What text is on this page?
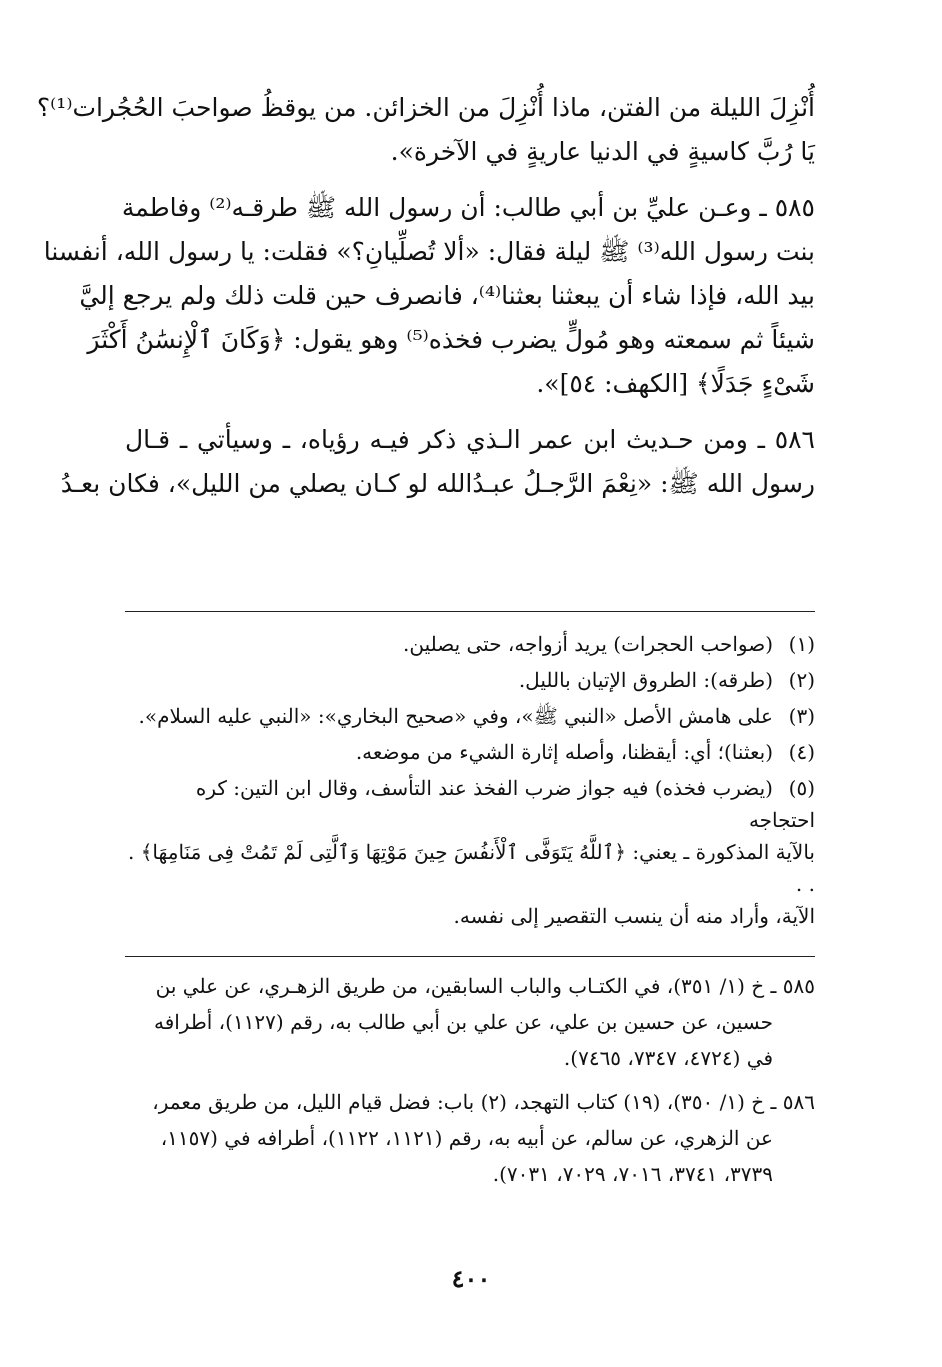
أُنْزِلَ الليلة من الفتن، ماذا أُنْزِلَ من الخزائن. من يوقظُ صواحبَ الحُجُرات⁽¹⁾؟
يَا رُبَّ كاسيةٍ في الدنيا عاريةٍ في الآخرة».
٥٨٥ ـ وعـن عليِّ بن أبي طالب: أن رسول الله ﷺ طرقـه⁽²⁾ وفاطمة
بنت رسول الله⁽³⁾ ﷺ ليلة فقال: «ألا تُصلِّيانِ؟» فقلت: يا رسول الله، أنفسنا
بيد الله، فإذا شاء أن يبعثنا بعثنا⁽⁴⁾، فانصرف حين قلت ذلك ولم يرجع إليَّ
شيئاً ثم سمعته وهو مُولٍّ يضرب فخذه⁽⁵⁾ وهو يقول: ﴿وَكَانَ ٱلْإِنسَٰنُ أَكْثَرَ
شَىْءٍ جَدَلًا﴾ [الكهف: ٥٤]».
٥٨٦ ـ ومن حـديث ابن عمر الـذي ذكر فيـه رؤياه، ـ وسيأتي ـ قـال
رسول الله ﷺ: «نِعْمَ الرَّجـلُ عبـدُالله لو كـان يصلي من الليل»، فكان بعـدُ
(١)(صواحب الحجرات) يريد أزواجه، حتى يصلين.
(٢)(طرقه): الطروق الإتيان بالليل.
(٣)على هامش الأصل «النبي ﷺ»، وفي «صحيح البخاري»: «النبي عليه السلام».
(٤)(بعثنا)؛ أي: أيقظنا، وأصله إثارة الشيء من موضعه.
(٥)(يضرب فخذه) فيه جواز ضرب الفخذ عند التأسف، وقال ابن التين: كره احتجاجه
بالآية المذكورة ـ يعني: ﴿ٱللَّهُ يَتَوَفَّى ٱلْأَنفُسَ حِينَ مَوْتِهَا وَٱلَّتِى لَمْ تَمُتْ فِى مَنَامِهَا﴾ . . .
الآية، وأراد منه أن ينسب التقصير إلى نفسه.
٥٨٥ ـ خ (١/ ٣٥١)، في الكتـاب والباب السابقين، من طريق الزهـري، عن علي بن
حسين، عن حسين بن علي، عن علي بن أبي طالب به، رقم (١١٢٧)، أطرافه
في (٤٧٢٤، ٧٣٤٧، ٧٤٦٥).
٥٨٦ ـ خ (١/ ٣٥٠)، (١٩) كتاب التهجد، (٢) باب: فضل قيام الليل، من طريق معمر،
عن الزهري، عن سالم، عن أبيه به، رقم (١١٢١، ١١٢٢)، أطرافه في (١١٥٧،
٣٧٣٩، ٣٧٤١، ٧٠١٦، ٧٠٢٩، ٧٠٣١).
٤٠٠
